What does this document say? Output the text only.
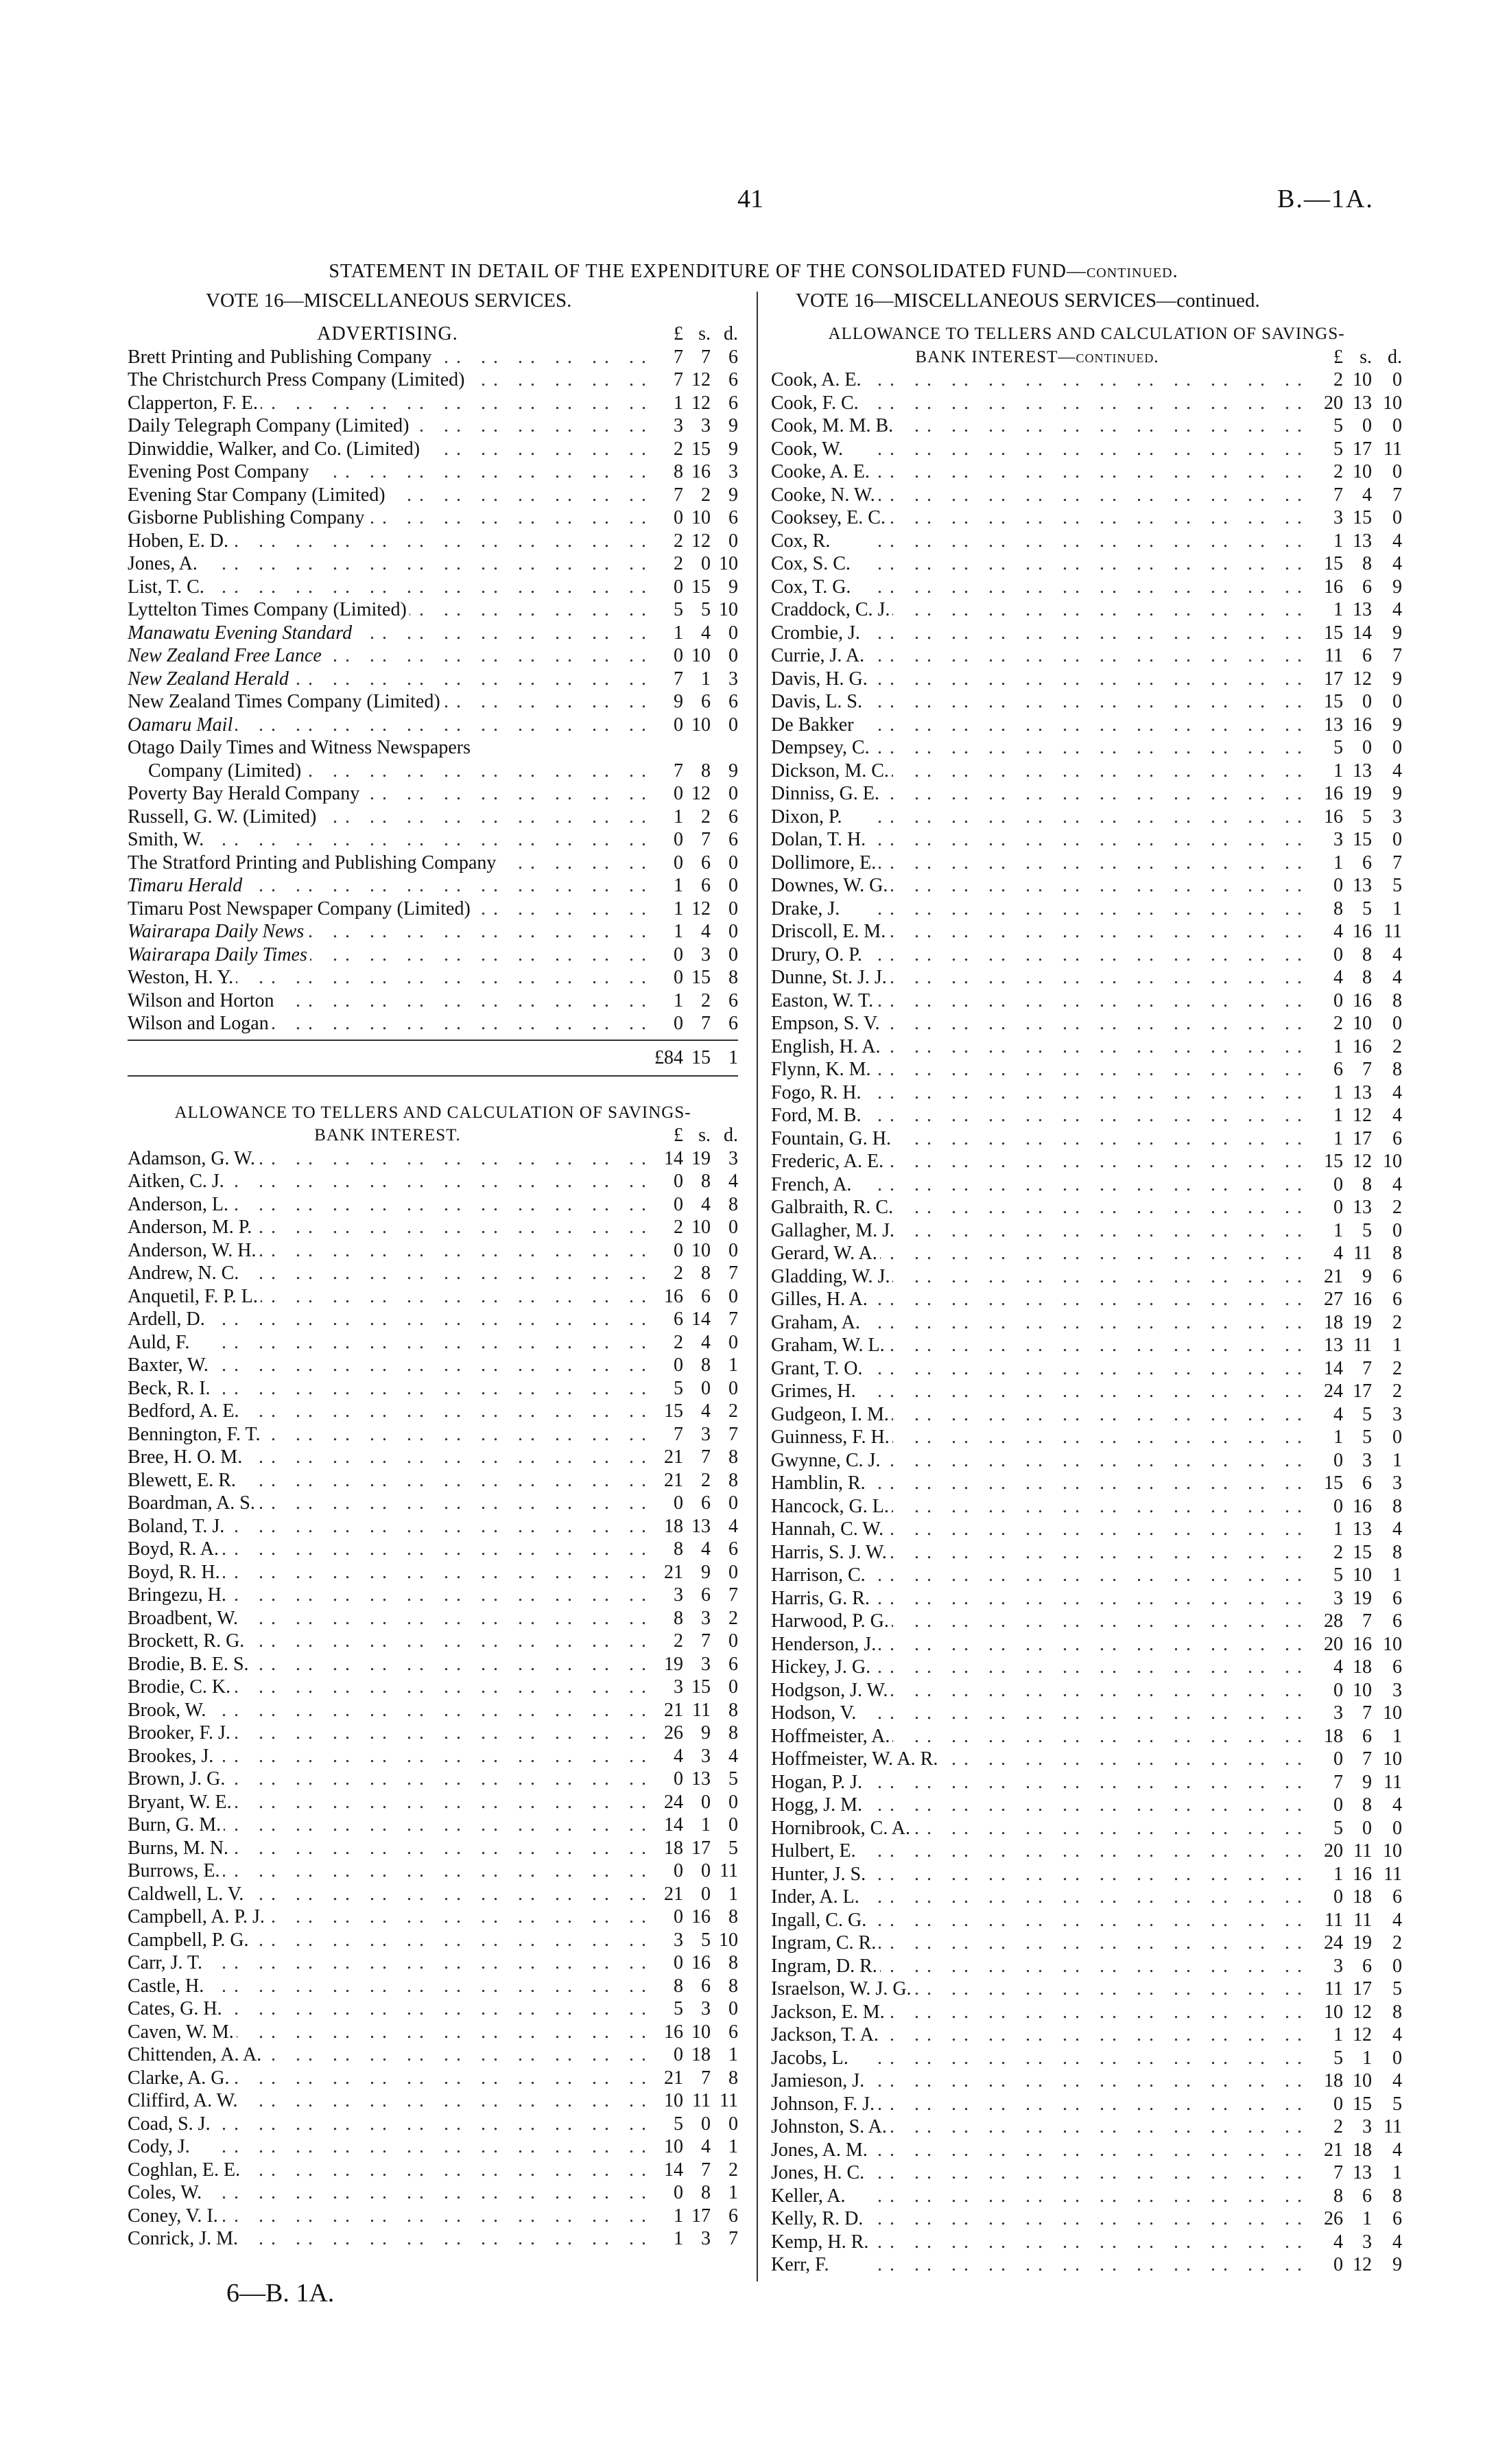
41	B.—1A.
STATEMENT IN DETAIL OF THE EXPENDITURE OF THE CONSOLIDATED FUND—continued.
VOTE 16—MISCELLANEOUS SERVICES.	VOTE 16—MISCELLANEOUS SERVICES—continued.
ADVERTISING.	£ s. d.
Brett Printing and Publishing Company . .	7 7 6
The Christchurch Press Company (Limited) . .	7 12 6
Clapperton, F. E. . .	1 12 6
Daily Telegraph Company (Limited) . .	3 3 9
Dinwiddie, Walker, and Co. (Limited) . .	2 15 9
Evening Post Company . .	8 16 3
Evening Star Company (Limited) . .	7 2 9
Gisborne Publishing Company . .	0 10 6
Hoben, E. D. . .	2 12 0
Jones, A. . .	2 0 10
List, T. C. . .	0 15 9
Lyttelton Times Company (Limited) . .	5 5 10
Manawatu Evening Standard . .	1 4 0
New Zealand Free Lance . .	0 10 0
New Zealand Herald . .	7 1 3
New Zealand Times Company (Limited) . .	9 6 6
Oamaru Mail . .	0 10 0
Otago Daily Times and Witness Newspapers
Company (Limited) . .	7 8 9
Poverty Bay Herald Company . .	0 12 0
Russell, G. W. (Limited) . .	1 2 6
Smith, W. . .	0 7 6
The Stratford Printing and Publishing Company . .	0 6 0
Timaru Herald . .	1 6 0
Timaru Post Newspaper Company (Limited) . .	1 12 0
Wairarapa Daily News . .	1 4 0
Wairarapa Daily Times . .	0 3 0
Weston, H. Y. . .	0 15 8
Wilson and Horton . .	1 2 6
Wilson and Logan . .	0 7 6
£84 15 1
ALLOWANCE TO TELLERS AND CALCULATION OF SAVINGS-
BANK INTEREST.	£ s. d.
Adamson, G. W. . .	14 19 3
Aitken, C. J. . .	0 8 4
Anderson, L. . .	0 4 8
Anderson, M. P. . .	2 10 0
Anderson, W. H. . .	0 10 0
Andrew, N. C. . .	2 8 7
Anquetil, F. P. L. . .	16 6 0
Ardell, D. . .	6 14 7
Auld, F. . .	2 4 0
Baxter, W. . .	0 8 1
Beck, R. I. . .	5 0 0
Bedford, A. E. . .	15 4 2
Bennington, F. T. . .	7 3 7
Bree, H. O. M. . .	21 7 8
Blewett, E. R. . .	21 2 8
Boardman, A. S. . .	0 6 0
Boland, T. J. . .	18 13 4
Boyd, R. A. . .	8 4 6
Boyd, R. H. . .	21 9 0
Bringezu, H. . .	3 6 7
Broadbent, W. . .	8 3 2
Brockett, R. G. . .	2 7 0
Brodie, B. E. S. . .	19 3 6
Brodie, C. K. . .	3 15 0
Brook, W. . .	21 11 8
Brooker, F. J. . .	26 9 8
Brookes, J. . .	4 3 4
Brown, J. G. . .	0 13 5
Bryant, W. E. . .	24 0 0
Burn, G. M. . .	14 1 0
Burns, M. N. . .	18 17 5
Burrows, E. . .	0 0 11
Caldwell, L. V. . .	21 0 1
Campbell, A. P. J. . .	0 16 8
Campbell, P. G. . .	3 5 10
Carr, J. T. . .	0 16 8
Castle, H. . .	8 6 8
Cates, G. H. . .	5 3 0
Caven, W. M. . .	16 10 6
Chittenden, A. A. . .	0 18 1
Clarke, A. G. . .	21 7 8
Cliffird, A. W. . .	10 11 11
Coad, S. J. . .	5 0 0
Cody, J. . .	10 4 1
Coghlan, E. E. . .	14 7 2
Coles, W. . .	0 8 1
Coney, V. I. . .	1 17 6
Conrick, J. M. . .	1 3 7
ALLOWANCE TO TELLERS AND CALCULATION OF SAVINGS-
BANK INTEREST—continued.	£ s. d.
Cook, A. E. . .	2 10	0
Cook, F. C. . .	20 13 10
Cook, M. M. B. . .	5	0	0
Cook, W. . .	5 17 11
Cooke, A. E. . .	2 10	0
Cooke, N. W. . .	7	4	7
Cooksey, E. C. . .	3 15	0
Cox, R. . .	1 13	4
Cox, S. C. . .	15	8	4
Cox, T. G. . .	16	6	9
Craddock, C. J. . .	1 13	4
Crombie, J. . .	15 14	9
Currie, J. A. . .	11	6	7
Davis, H. G. . .	17 12	9
Davis, L. S. . .	15	0	0
De Bakker . .	13 16	9
Dempsey, C. . .	5	0	0
Dickson, M. C. . .	1 13	4
Dinniss, G. E. . .	16 19	9
Dixon, P. . .	16	5	3
Dolan, T. H. . .	3 15	0
Dollimore, E. . .	1	6	7
Downes, W. G. . .	0 13	5
Drake, J. . .	8	5	1
Driscoll, E. M. . .	4 16 11
Drury, O. P. . .	0	8	4
Dunne, St. J. J. . .	4	8	4
Easton, W. T. . .	0 16	8
Empson, S. V. . .	2 10	0
English, H. A. . .	1 16	2
Flynn, K. M. . .	6	7	8
Fogo, R. H. . .	1 13	4
Ford, M. B. . .	1 12	4
Fountain, G. H. . .	1 17	6
Frederic, A. E. . .	15 12 10
French, A. . .	0	8	4
Galbraith, R. C. . .	0 13	2
Gallagher, M. J. . .	1	5	0
Gerard, W. A. . .	4 11	8
Gladding, W. J. . .	21	9	6
Gilles, H. A. . .	27 16	6
Graham, A. . .	18 19	2
Graham, W. L. . .	13 11	1
Grant, T. O. . .	14	7	2
Grimes, H. . .	24 17	2
Gudgeon, I. M. . .	4	5	3
Guinness, F. H. . .	1	5	0
Gwynne, C. J. . .	0	3	1
Hamblin, R. . .	15	6	3
Hancock, G. L. . .	0 16	8
Hannah, C. W. . .	1 13	4
Harris, S. J. W. . .	2 15	8
Harrison, C. . .	5 10	1
Harris, G. R. . .	3 19	6
Harwood, P. G. . .	28	7	6
Henderson, J. . .	20 16 10
Hickey, J. G. . .	4 18	6
Hodgson, J. W. . .	0 10	3
Hodson, V. . .	3	7 10
Hoffmeister, A. . .	18	6	1
Hoffmeister, W. A. R. . .	0	7 10
Hogan, P. J. . .	7	9 11
Hogg, J. M. . .	0	8	4
Hornibrook, C. A. . .	5	0	0
Hulbert, E. . .	20 11 10
Hunter, J. S. . .	1 16 11
Inder, A. L. . .	0 18	6
Ingall, C. G. . .	11 11	4
Ingram, C. R. . .	24 19	2
Ingram, D. R. . .	3	6	0
Israelson, W. J. G. . .	11 17	5
Jackson, E. M. . .	10 12	8
Jackson, T. A. . .	1 12	4
Jacobs, L. . .	5	1	0
Jamieson, J. . .	18 10	4
Johnson, F. J. . .	0 15	5
Johnston, S. A. . .	2	3 11
Jones, A. M. . .	21 18	4
Jones, H. C. . .	7 13	1
Keller, A. . .	8	6	8
Kelly, R. D. . .	26	1	6
Kemp, H. R. . .	4	3	4
Kerr, F. . .	0 12	9
6—B. 1A.
